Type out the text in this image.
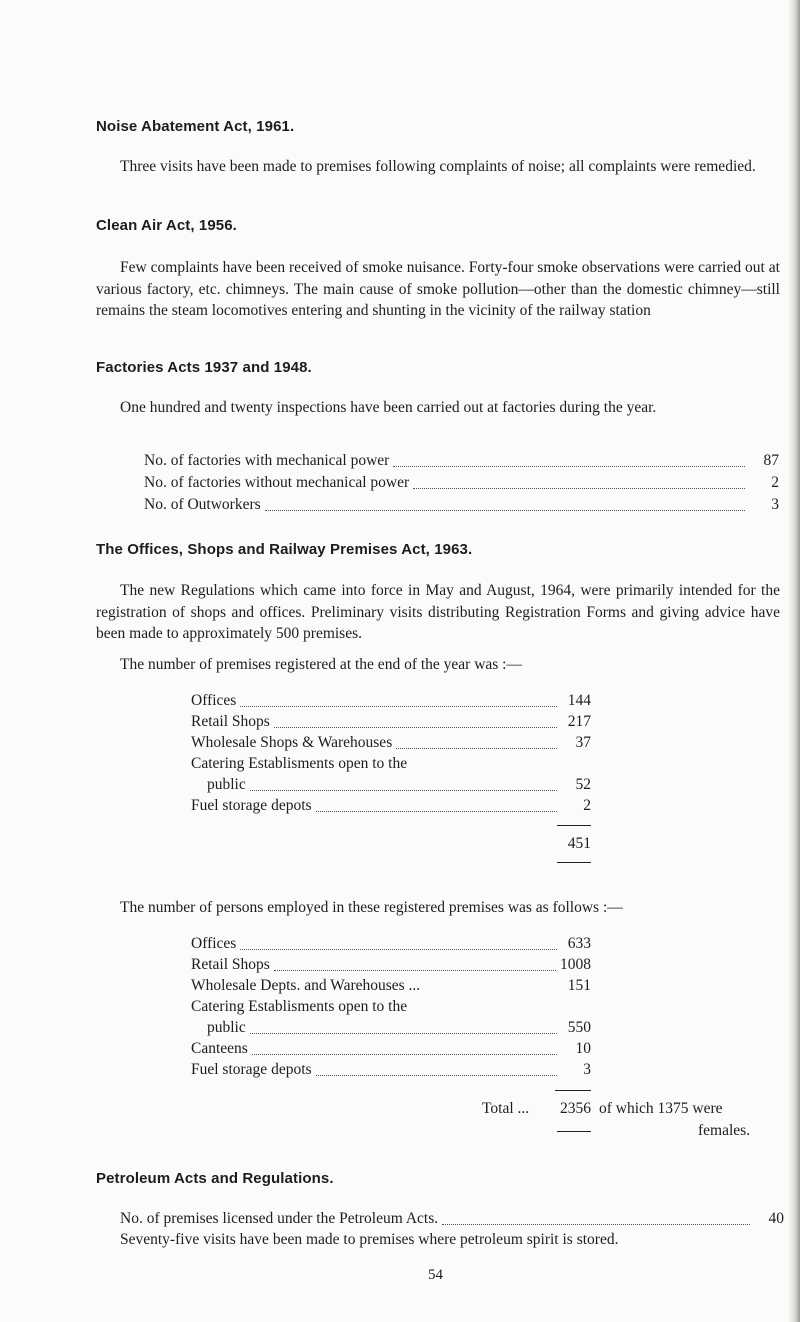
Noise Abatement Act, 1961.
Three visits have been made to premises following complaints of noise; all complaints were remedied.
Clean Air Act, 1956.
Few complaints have been received of smoke nuisance. Forty-four smoke observations were carried out at various factory, etc. chimneys. The main cause of smoke pollution—other than the domestic chimney—still remains the steam locomotives entering and shunting in the vicinity of the railway station
Factories Acts 1937 and 1948.
One hundred and twenty inspections have been carried out at factories during the year.
No. of factories with mechanical power	87
No. of factories without mechanical power	2
No. of Outworkers	3
The Offices, Shops and Railway Premises Act, 1963.
The new Regulations which came into force in May and August, 1964, were primarily intended for the registration of shops and offices. Preliminary visits distributing Registration Forms and giving advice have been made to approximately 500 premises.
The number of premises registered at the end of the year was :—
Offices	144
Retail Shops	217
Wholesale Shops & Warehouses	37
Catering Establisments open to the
public	52
Fuel storage depots	2
451
The number of persons employed in these registered premises was as follows :—
Offices	633
Retail Shops	1008
Wholesale Depts. and Warehouses ...	151
Catering Establisments open to the
public	550
Canteens	10
Fuel storage depots	3
Total ...	2356 of which 1375 were
females.
Petroleum Acts and Regulations.
No. of premises licensed under the Petroleum Acts.	40
Seventy-five visits have been made to premises where petroleum spirit is stored.
54
